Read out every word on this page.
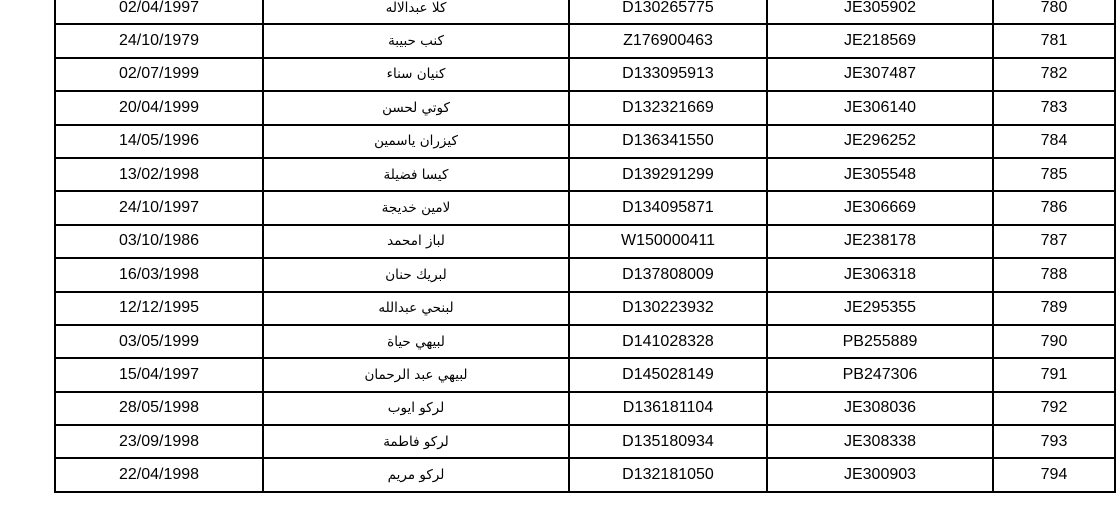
02/04/1997	كلا عبدالاله	D130265775	JE305902	780
24/10/1979	كنب حبيبة	Z176900463	JE218569	781
02/07/1999	كنيان سناء	D133095913	JE307487	782
20/04/1999	كوتي لحسن	D132321669	JE306140	783
14/05/1996	كيزران ياسمين	D136341550	JE296252	784
13/02/1998	كيسا فضيلة	D139291299	JE305548	785
24/10/1997	لامين خديجة	D134095871	JE306669	786
03/10/1986	لباز امحمد	W150000411	JE238178	787
16/03/1998	لبريك حنان	D137808009	JE306318	788
12/12/1995	لبنحي عبدالله	D130223932	JE295355	789
03/05/1999	لبيهي حياة	D141028328	PB255889	790
15/04/1997	لبيهي عبد الرحمان	D145028149	PB247306	791
28/05/1998	لركو ايوب	D136181104	JE308036	792
23/09/1998	لركو فاطمة	D135180934	JE308338	793
22/04/1998	لركو مريم	D132181050	JE300903	794
